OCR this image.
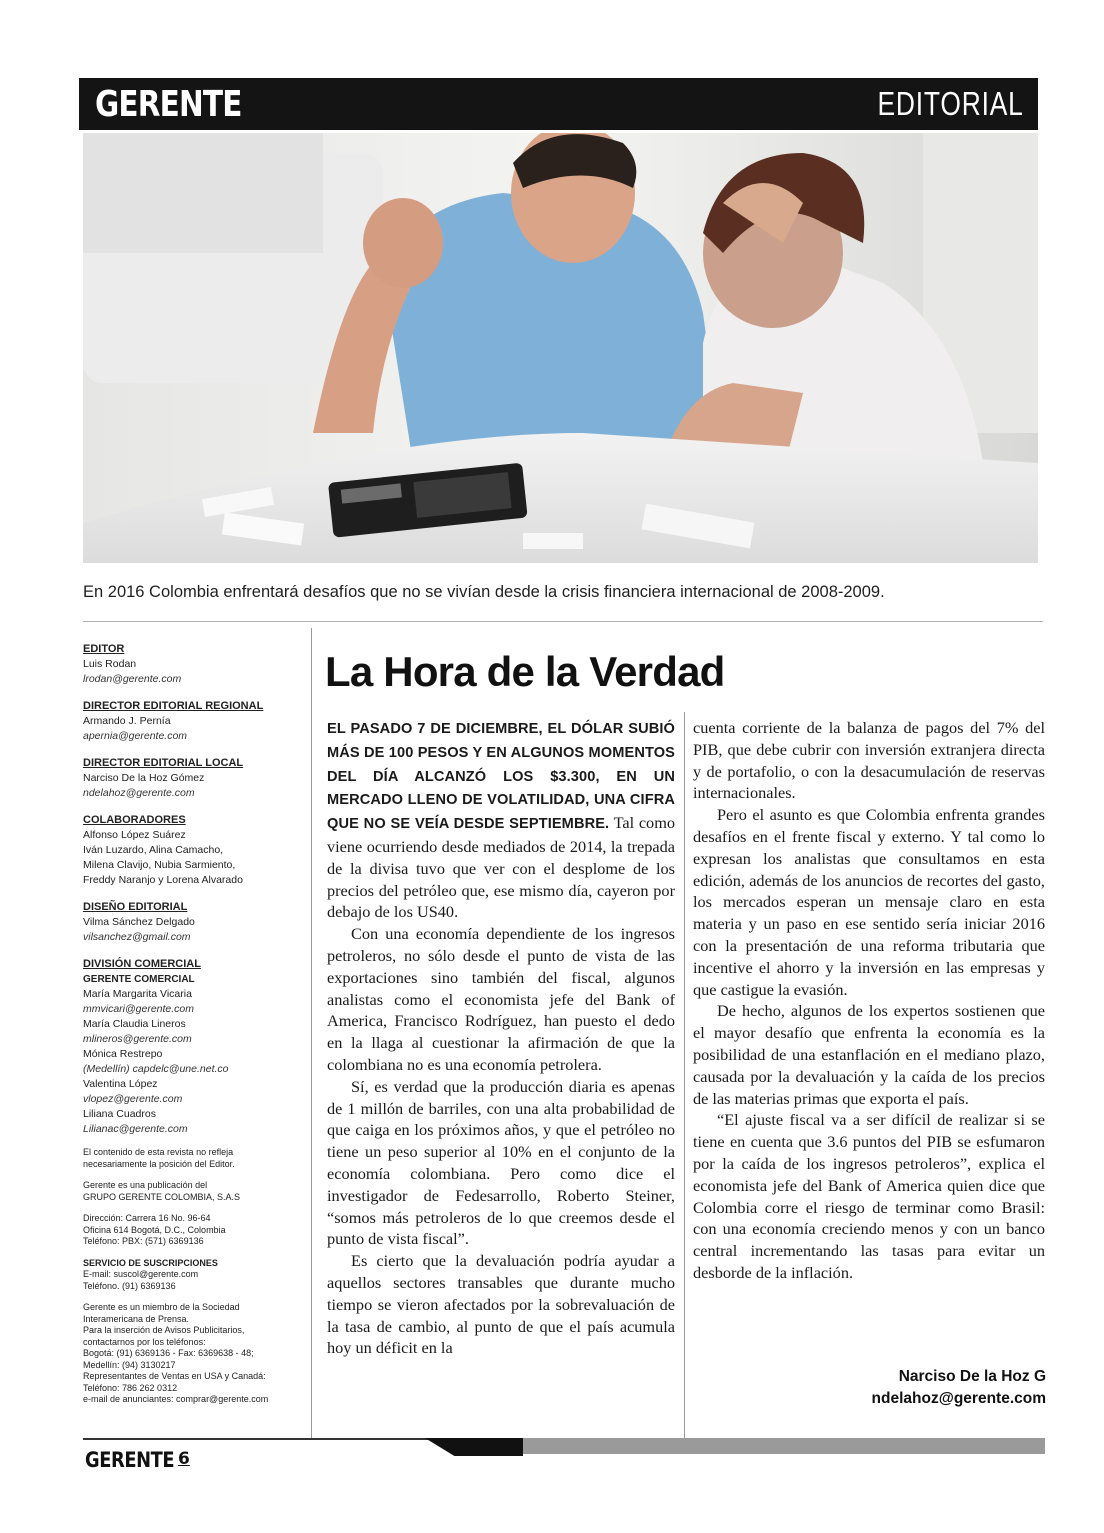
GERENTE	EDITORIAL
En 2016 Colombia enfrentará desafíos que no se vivían desde la crisis financiera internacional de 2008-2009.
EDITOR
Luis Rodan
lrodan@gerente.com
DIRECTOR EDITORIAL REGIONAL
Armando J. Pernía
apernia@gerente.com
DIRECTOR EDITORIAL LOCAL
Narciso De la Hoz Gómez
ndelahoz@gerente.com
COLABORADORES
Alfonso López Suárez
Iván Luzardo, Alina Camacho,
Milena Clavijo, Nubia Sarmiento,
Freddy Naranjo y Lorena Alvarado
DISEÑO EDITORIAL
Vilma Sánchez Delgado
vilsanchez@gmail.com
DIVISIÓN COMERCIAL
GERENTE COMERCIAL
María Margarita Vicaria
mmvicari@gerente.com
María Claudia Lineros
mlineros@gerente.com
Mónica Restrepo
(Medellín) capdelc@une.net.co
Valentina López
vlopez@gerente.com
Liliana Cuadros
Lilianac@gerente.com
El contenido de esta revista no refleja
necesariamente la posición del Editor.
Gerente es una publicación del
GRUPO GERENTE COLOMBIA, S.A.S
Dirección: Carrera 16 No. 96-64
Oficina 614 Bogotá, D.C., Colombia
Teléfono: PBX: (571) 6369136
SERVICIO DE SUSCRIPCIONES
E-mail: suscol@gerente.com
Teléfono. (91) 6369136
Gerente es un miembro de la Sociedad
Interamericana de Prensa.
Para la inserción de Avisos Publicitarios,
contactarnos por los teléfonos:
Bogotá: (91) 6369136 - Fax: 6369638 - 48;
Medellín: (94) 3130217
Representantes de Ventas en USA y Canadá:
Teléfono: 786 262 0312
e-mail de anunciantes: comprar@gerente.com
La Hora de la Verdad

EL PASADO 7 DE DICIEMBRE, EL DÓLAR SUBIÓ MÁS DE 100 PESOS Y EN ALGUNOS MOMENTOS DEL DÍA ALCANZÓ LOS $3.300, EN UN MERCADO LLENO DE VOLATILIDAD, UNA CIFRA QUE NO SE VEÍA DESDE SEPTIEMBRE. Tal como viene ocurriendo desde mediados de 2014, la trepada de la divisa tuvo que ver con el desplome de los precios del petróleo que, ese mismo día, cayeron por debajo de los US40.

Con una economía dependiente de los ingresos petroleros, no sólo desde el punto de vista de las exportaciones sino también del fiscal, algunos analistas como el economista jefe del Bank of America, Francisco Rodríguez, han puesto el dedo en la llaga al cuestionar la afirmación de que la colombiana no es una economía petrolera.

Sí, es verdad que la producción diaria es apenas de 1 millón de barriles, con una alta probabilidad de que caiga en los próximos años, y que el petróleo no tiene un peso superior al 10% en el conjunto de la economía colombiana. Pero como dice el investigador de Fedesarrollo, Roberto Steiner, “somos más petroleros de lo que creemos desde el punto de vista fiscal”.

Es cierto que la devaluación podría ayudar a aquellos sectores transables que durante mucho tiempo se vieron afectados por la sobrevaluación de la tasa de cambio, al punto de que el país acumula hoy un déficit en la

cuenta corriente de la balanza de pagos del 7% del PIB, que debe cubrir con inversión extranjera directa y de portafolio, o con la desacumulación de reservas internacionales.

Pero el asunto es que Colombia enfrenta grandes desafíos en el frente fiscal y externo. Y tal como lo expresan los analistas que consultamos en esta edición, además de los anuncios de recortes del gasto, los mercados esperan un mensaje claro en esta materia y un paso en ese sentido sería iniciar 2016 con la presentación de una reforma tributaria que incentive el ahorro y la inversión en las empresas y que castigue la evasión.

De hecho, algunos de los expertos sostienen que el mayor desafío que enfrenta la economía es la posibilidad de una estanflación en el mediano plazo, causada por la devaluación y la caída de los precios de las materias primas que exporta el país.

“El ajuste fiscal va a ser difícil de realizar si se tiene en cuenta que 3.6 puntos del PIB se esfumaron por la caída de los ingresos petroleros”, explica el economista jefe del Bank of America quien dice que Colombia corre el riesgo de terminar como Brasil: con una economía creciendo menos y con un banco central incrementando las tasas para evitar un desborde de la inflación.

Narciso De la Hoz G
ndelahoz@gerente.com
GERENTE 6
